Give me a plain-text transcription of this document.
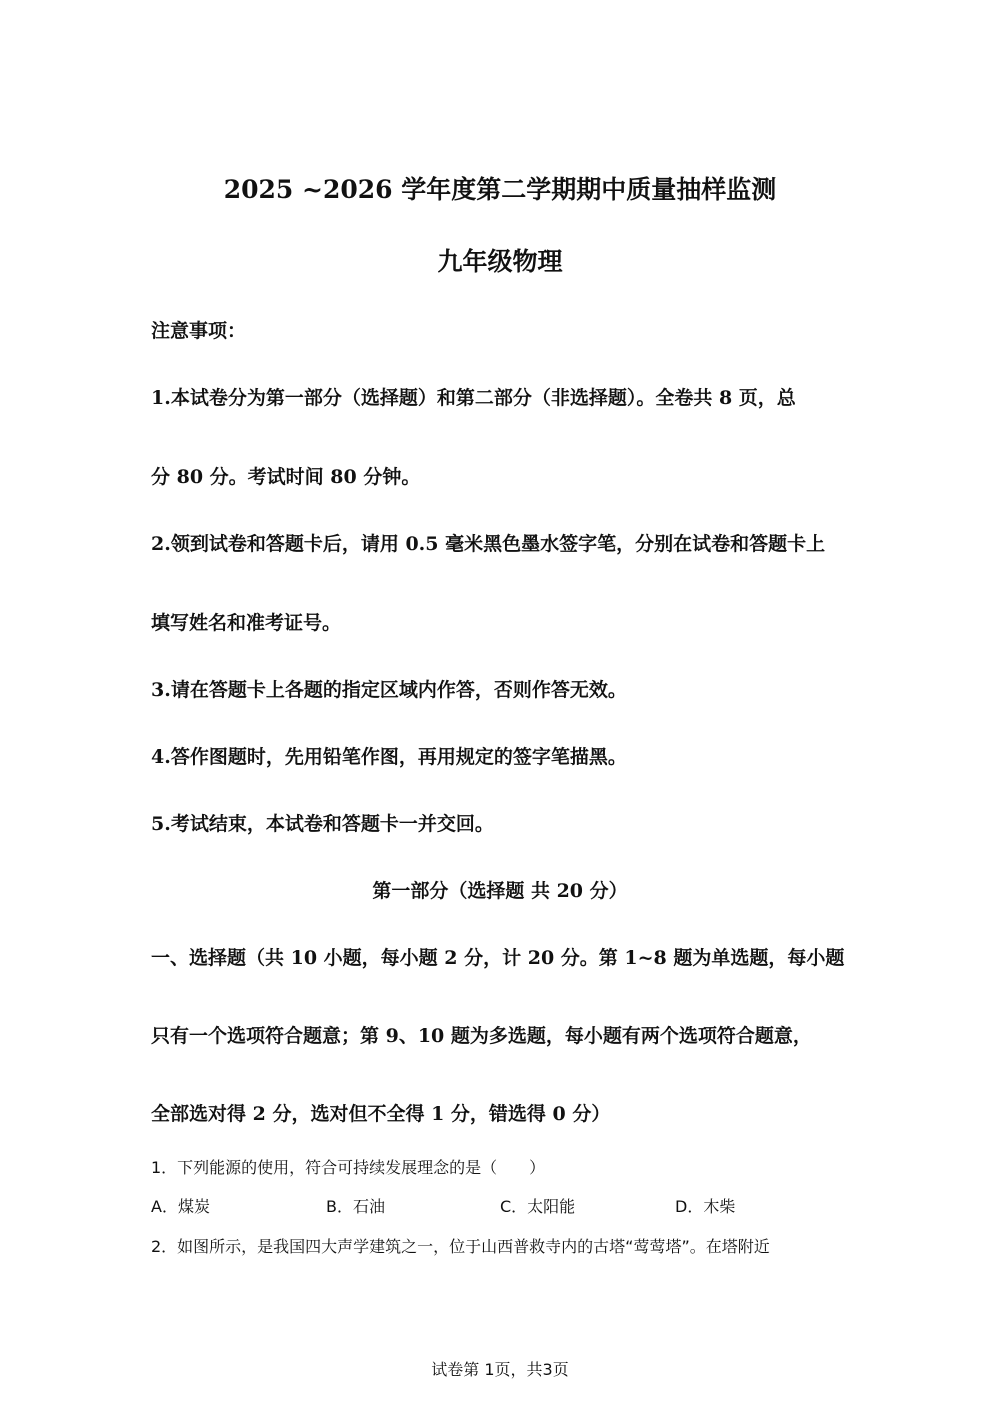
2025 ~2026 学年度第二学期期中质量抽样监测
九年级物理
注意事项：
1.本试卷分为第一部分（选择题）和第二部分（非选择题）。全卷共 8 页，总
分 80 分。考试时间 80 分钟。
2.领到试卷和答题卡后，请用 0.5 毫米黑色墨水签字笔，分别在试卷和答题卡上
填写姓名和准考证号。
3.请在答题卡上各题的指定区域内作答，否则作答无效。
4.答作图题时，先用铅笔作图，再用规定的签字笔描黑。
5.考试结束，本试卷和答题卡一并交回。
第一部分（选择题 共 20 分）
一、选择题（共 10 小题，每小题 2 分，计 20 分。第 1~8 题为单选题，每小题
只有一个选项符合题意；第 9、10 题为多选题，每小题有两个选项符合题意，
全部选对得 2 分，选对但不全得 1 分，错选得 0 分）
1．下列能源的使用，符合可持续发展理念的是（　　）
A．煤炭	B．石油	C．太阳能	D．木柴
2．如图所示，是我国四大声学建筑之一，位于山西普救寺内的古塔“莺莺塔”。在塔附近
试卷第 1页，共3页
